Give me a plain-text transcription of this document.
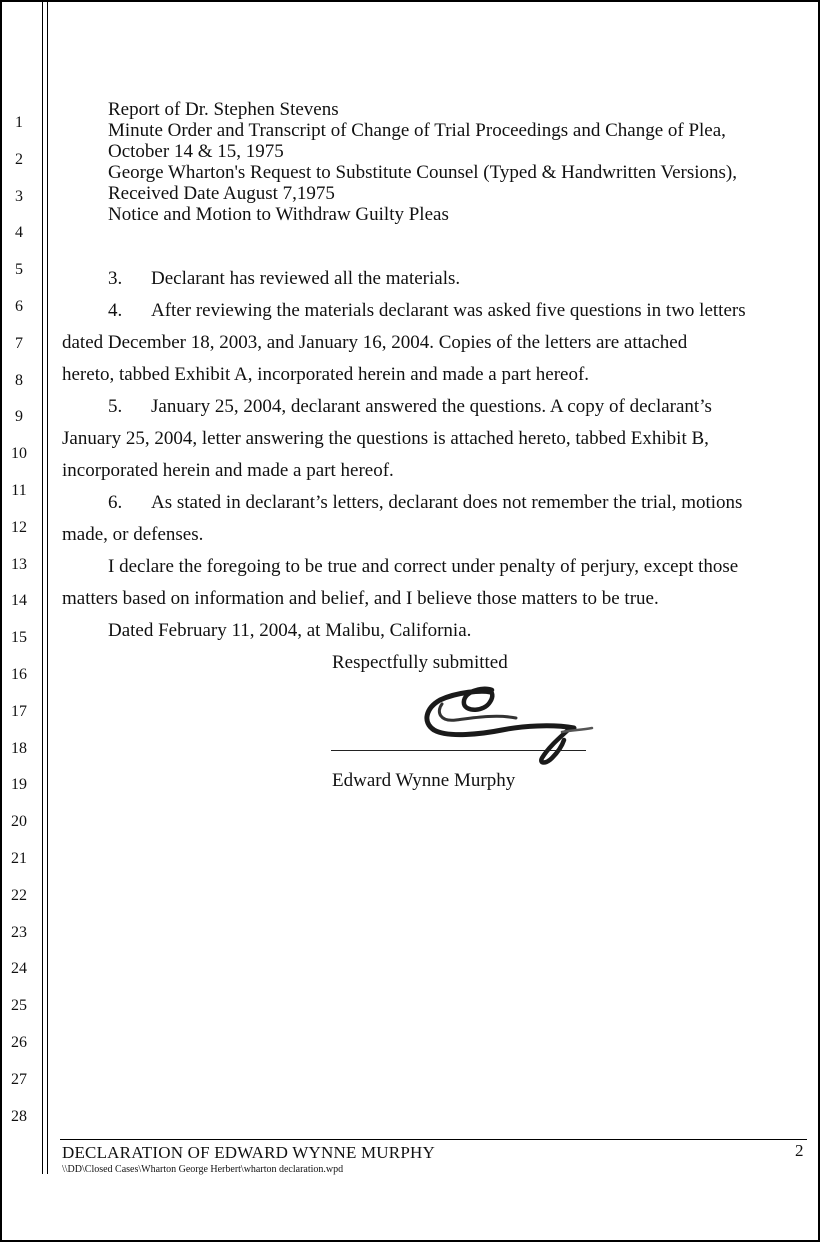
1
2
3
4
5
6
7
8
9
10
11
12
13
14
15
16
17
18
19
20
21
22
23
24
25
26
27
28
Report of Dr. Stephen Stevens
Minute Order and Transcript of Change of Trial Proceedings and Change of Plea,
October 14 & 15, 1975
George Wharton's Request to Substitute Counsel (Typed & Handwritten Versions),
Received Date August 7,1975
Notice and Motion to Withdraw Guilty Pleas
3. Declarant has reviewed all the materials.
4. After reviewing the materials declarant was asked five questions in two letters
dated December 18, 2003, and January 16, 2004. Copies of the letters are attached
hereto, tabbed Exhibit A, incorporated herein and made a part hereof.
5. January 25, 2004, declarant answered the questions. A copy of declarant’s
January 25, 2004, letter answering the questions is attached hereto, tabbed Exhibit B,
incorporated herein and made a part hereof.
6. As stated in declarant’s letters, declarant does not remember the trial, motions
made, or defenses.
I declare the foregoing to be true and correct under penalty of perjury, except those
matters based on information and belief, and I believe those matters to be true.
Dated February 11, 2004, at Malibu, California.
Respectfully submitted
Edward Wynne Murphy
DECLARATION OF EDWARD WYNNE MURPHY
\\DD\Closed Cases\Wharton George Herbert\wharton declaration.wpd
2
